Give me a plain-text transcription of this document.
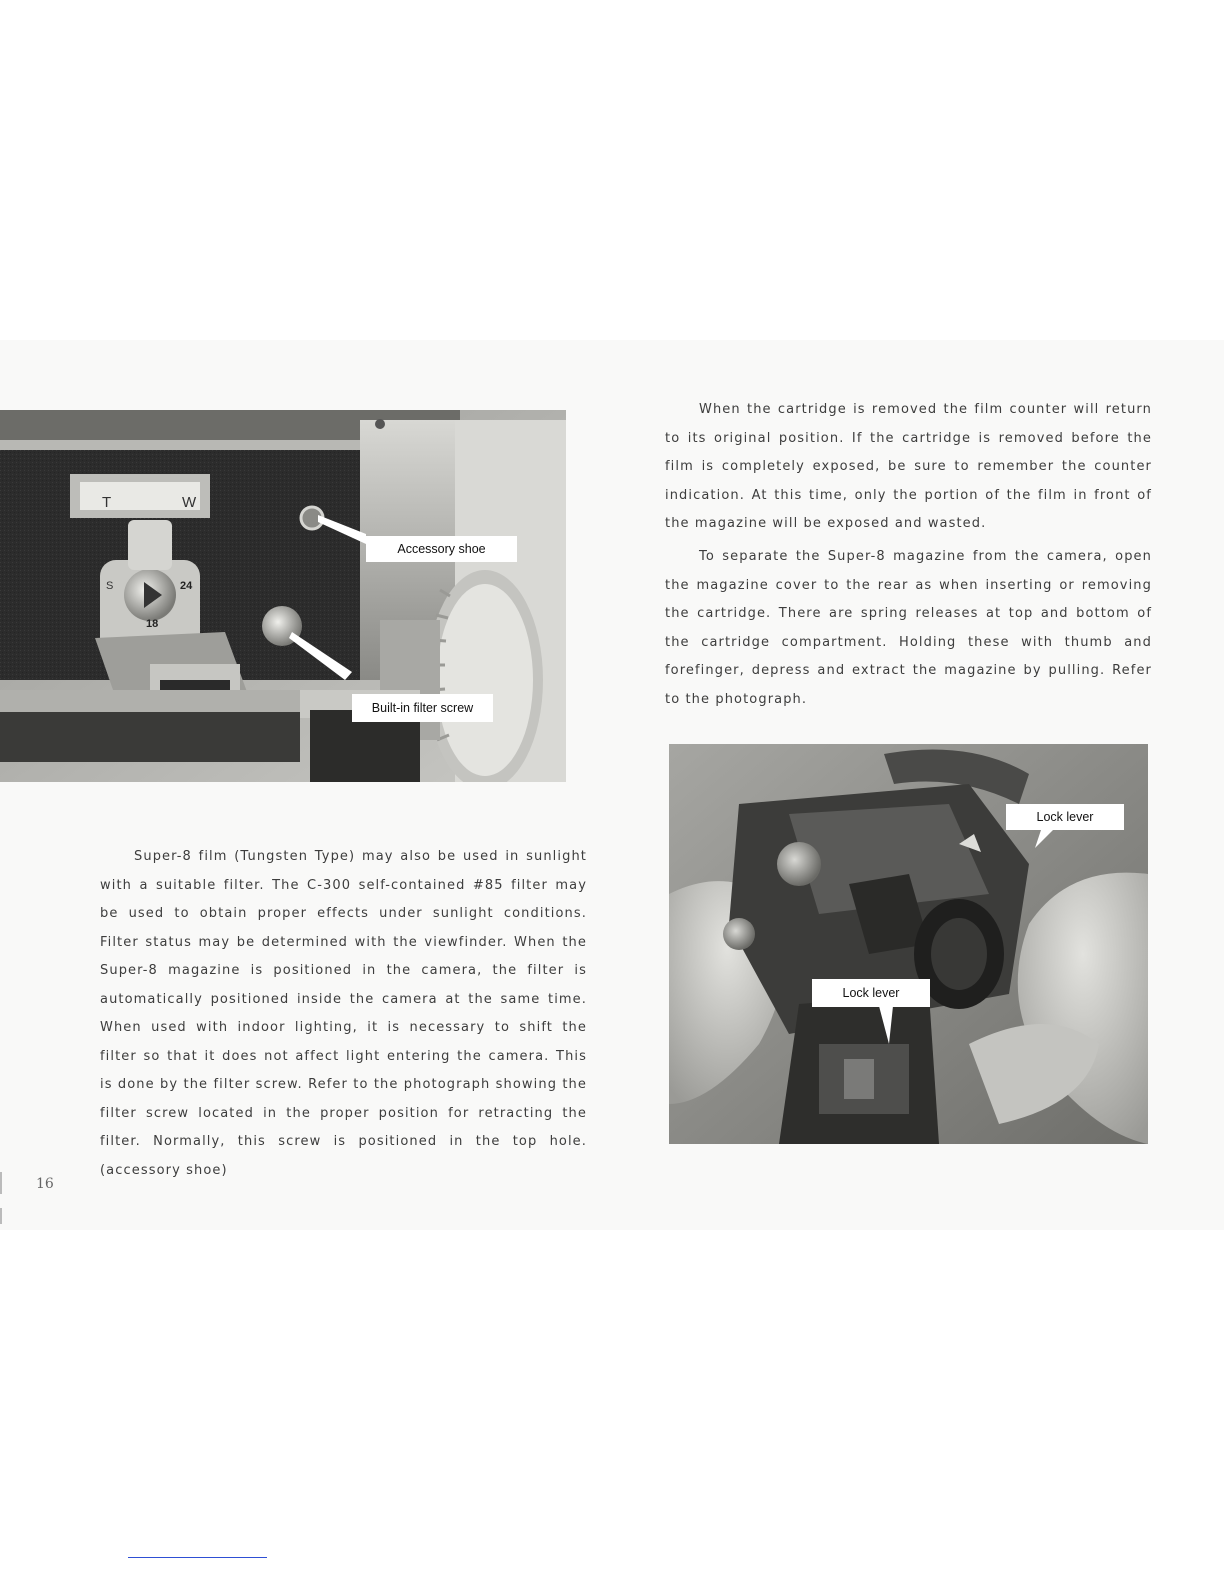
T	W
S	24
18
Accessory shoe
Built-in filter screw

When the cartridge is removed the film counter will return to its original position. If the cartridge is removed before the film is completely exposed, be sure to remember the counter indication. At this time, only the portion of the film in front of the magazine will be exposed and wasted.

To separate the Super-8 magazine from the camera, open the magazine cover to the rear as when inserting or removing the cartridge. There are spring releases at top and bottom of the cartridge compartment. Holding these with thumb and forefinger, depress and extract the magazine by pulling. Refer to the photograph.

Lock lever
Lock lever

Super-8 film (Tungsten Type) may also be used in sunlight with a suitable filter. The C-300 self-contained #85 filter may be used to obtain proper effects under sunlight conditions. Filter status may be determined with the viewfinder. When the Super-8 magazine is positioned in the camera, the filter is automatically positioned inside the camera at the same time. When used with indoor lighting, it is necessary to shift the filter so that it does not affect light entering the camera. This is done by the filter screw. Refer to the photograph showing the filter screw located in the proper position for retracting the filter. Normally, this screw is positioned in the top hole. (accessory shoe)

16
